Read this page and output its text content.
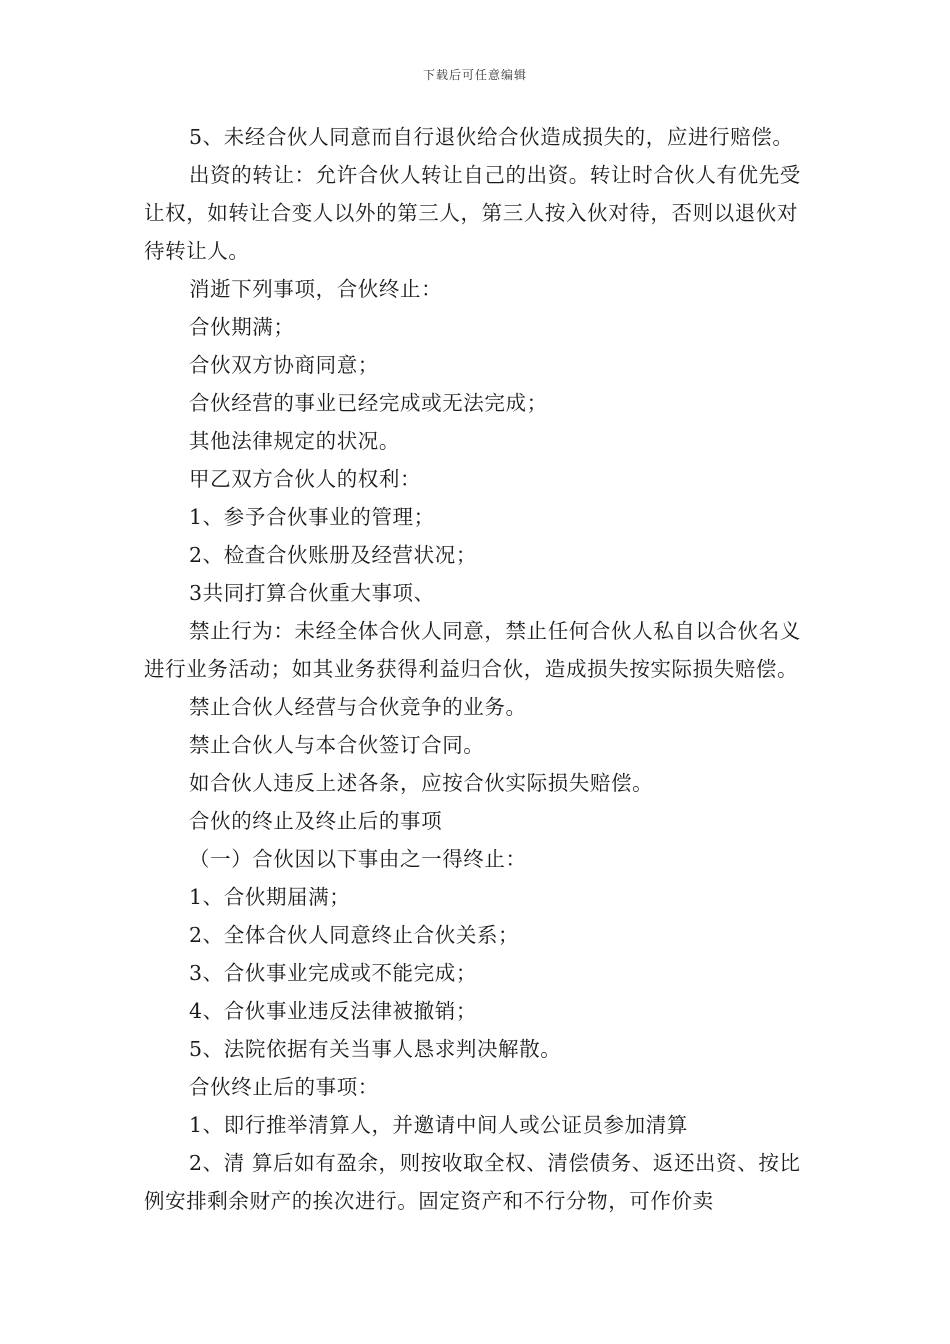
下载后可任意编辑

5、未经合伙人同意而自行退伙给合伙造成损失的，应进行赔偿。

出资的转让：允许合伙人转让自己的出资。转让时合伙人有优先受让权，如转让合变人以外的第三人，第三人按入伙对待，否则以退伙对待转让人。

消逝下列事项，合伙终止：

合伙期满；

合伙双方协商同意；

合伙经营的事业已经完成或无法完成；

其他法律规定的状况。

甲乙双方合伙人的权利：

1、参予合伙事业的管理；

2、检查合伙账册及经营状况；

3共同打算合伙重大事项、

禁止行为：未经全体合伙人同意，禁止任何合伙人私自以合伙名义进行业务活动；如其业务获得利益归合伙，造成损失按实际损失赔偿。

禁止合伙人经营与合伙竞争的业务。

禁止合伙人与本合伙签订合同。

如合伙人违反上述各条，应按合伙实际损失赔偿。

合伙的终止及终止后的事项

（一）合伙因以下事由之一得终止：

1、合伙期届满；

2、全体合伙人同意终止合伙关系；

3、合伙事业完成或不能完成；

4、合伙事业违反法律被撤销；

5、法院依据有关当事人恳求判决解散。

合伙终止后的事项：

1、即行推举清算人，并邀请中间人或公证员参加清算

2、清 算后如有盈余，则按收取全权、清偿债务、返还出资、按比例安排剩余财产的挨次进行。固定资产和不行分物，可作价卖
